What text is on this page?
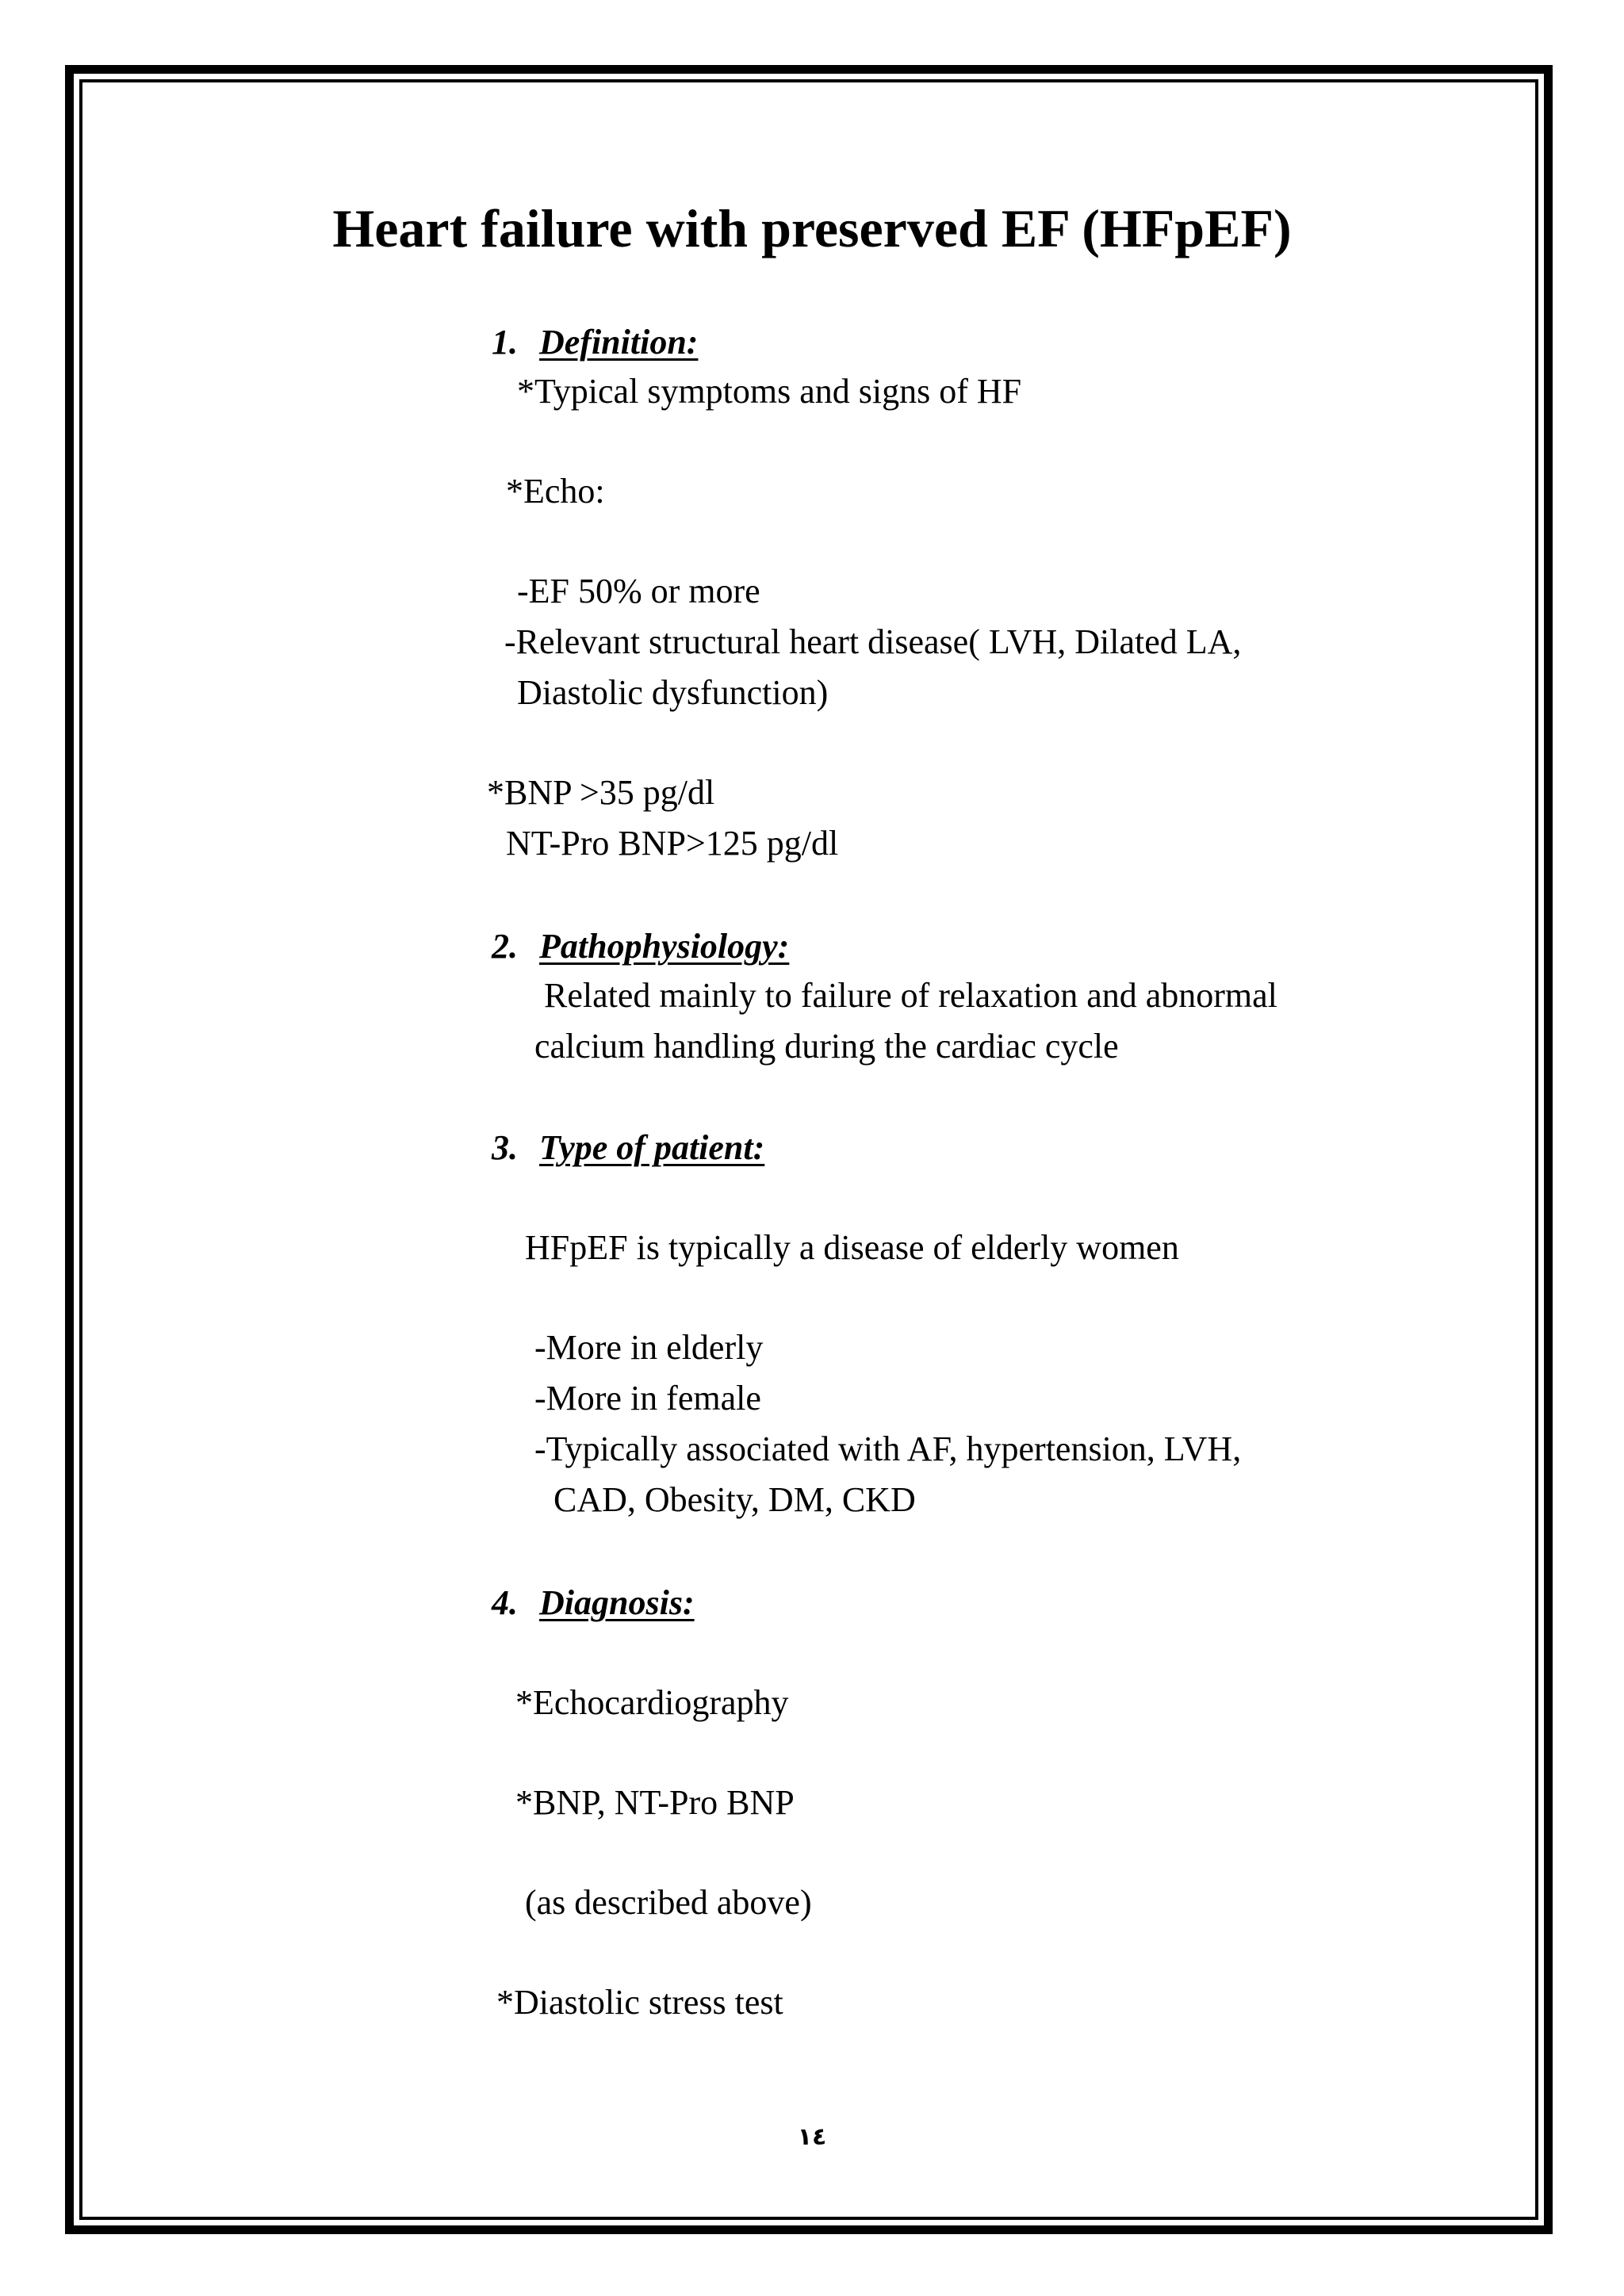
Heart failure with preserved EF (HFpEF)
1. Definition:
*Typical symptoms and signs of HF
*Echo:
-EF 50% or more
-Relevant structural heart disease( LVH, Dilated LA,
Diastolic dysfunction)
*BNP >35 pg/dl
NT-Pro BNP>125 pg/dl
2. Pathophysiology:
Related mainly to failure of relaxation and abnormal
calcium handling during the cardiac cycle
3. Type of patient:
HFpEF is typically a disease of elderly women
-More in elderly
-More in female
-Typically associated with AF, hypertension, LVH,
CAD, Obesity, DM, CKD
4. Diagnosis:
*Echocardiography
*BNP, NT-Pro BNP
(as described above)
*Diastolic stress test
١٤
